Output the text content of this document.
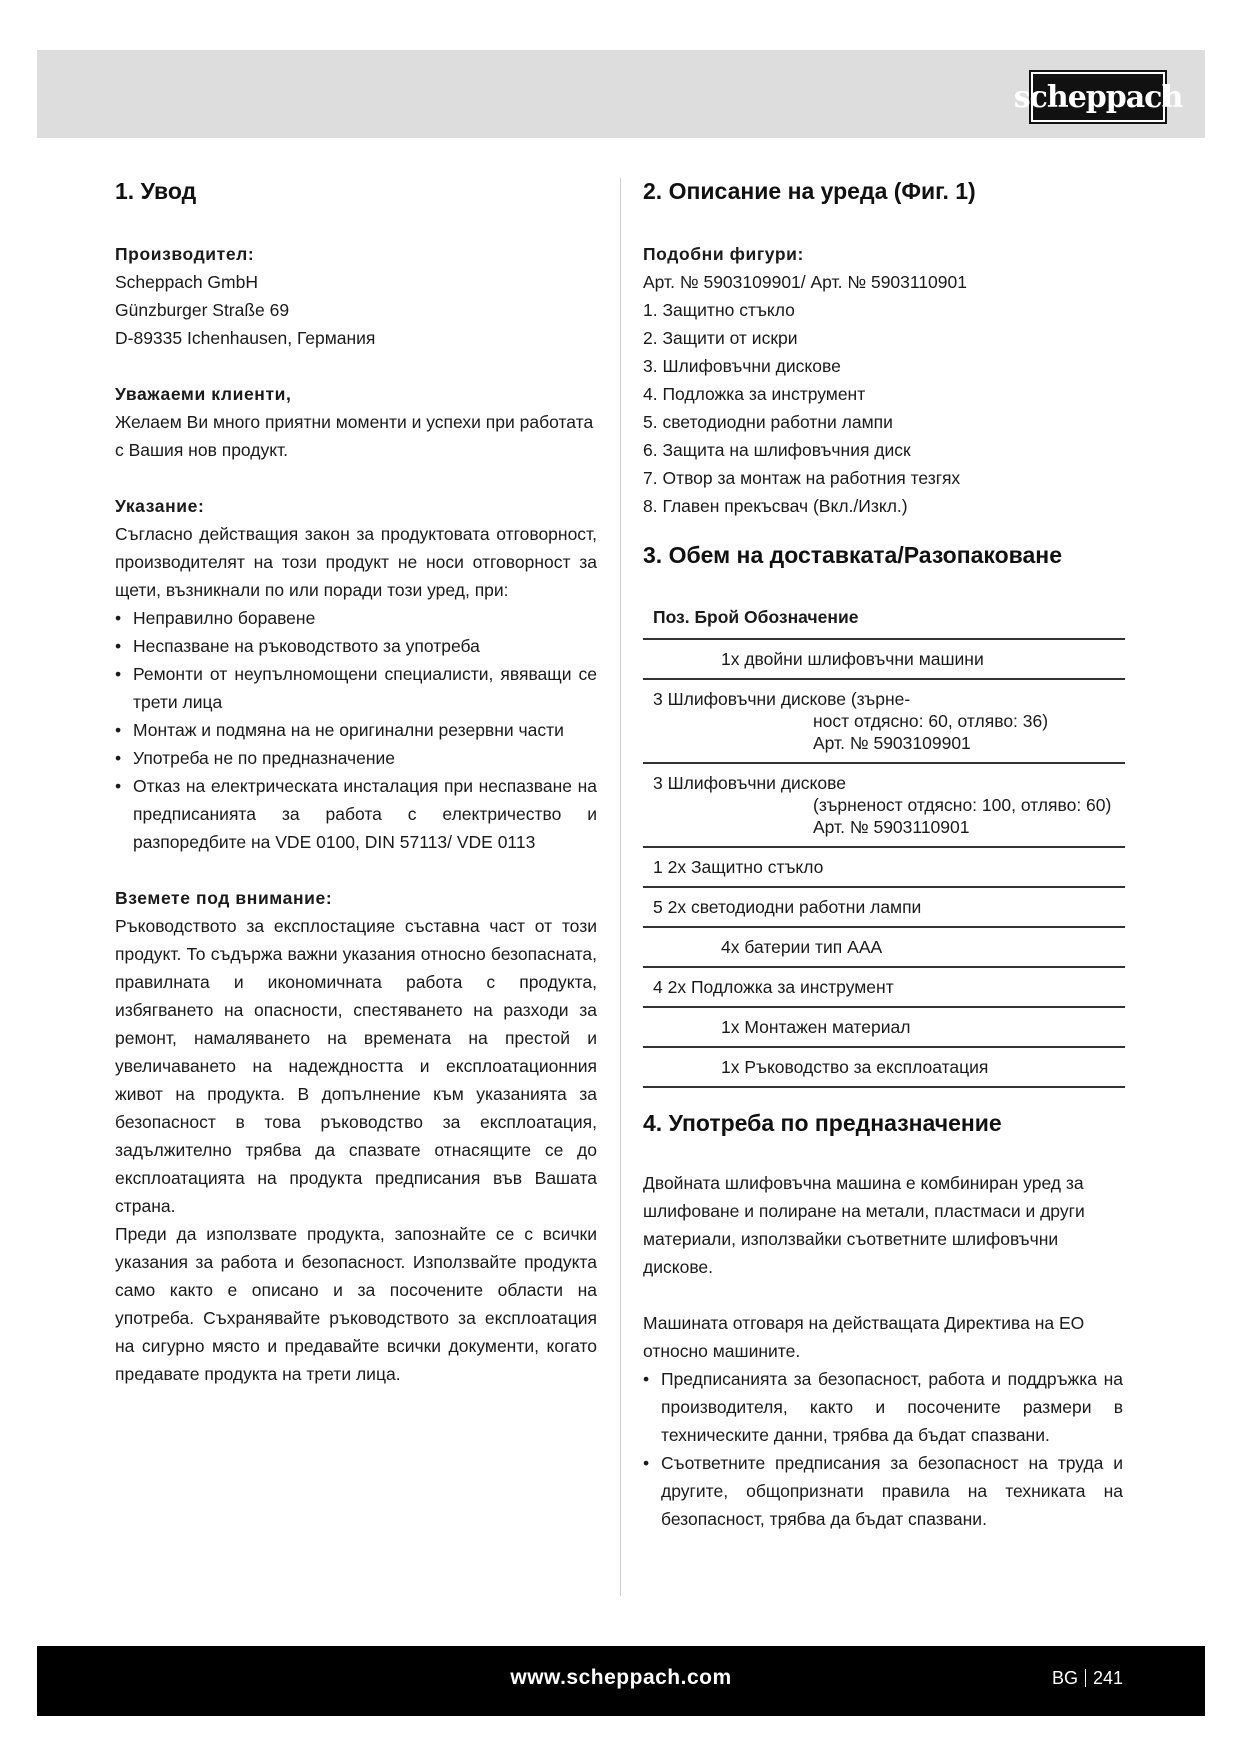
scheppach
1. Увод

Производител:

Scheppach GmbH

Günzburger Straße 69

D-89335 Ichenhausen, Германия

Уважаеми клиенти,

Желаем Ви много приятни моменти и успехи при работата с Вашия нов продукт.

Указание:

Съгласно действащия закон за продуктовата отговорност, производителят на този продукт не носи отговорност за щети, възникнали по или поради този уред, при:

• Неправилно боравене
• Неспазване на ръководството за употреба
• Ремонти от неупълномощени специалисти, явяващи се трети лица
• Монтаж и подмяна на не оригинални резервни части
• Употреба не по предназначение
• Отказ на електрическата инсталация при неспазване на предписанията за работа с електричество и разпоредбите на VDE 0100, DIN 57113/ VDE 0113

Вземете под внимание:

Ръководството за експлостацияе съставна част от този продукт. То съдържа важни указания относно безопасната, правилната и икономичната работа с продукта, избягването на опасности, спестяването на разходи за ремонт, намаляването на временатa на престой и увеличаването на надеждността и експлоатационния живот на продукта. В допълнение към указанията за безопасност в това ръководство за експлоатация, задължително трябва да спазвате отнасящите се до експлоатацията на продукта предписания във Вашата страна.

Преди да използвате продукта, запознайте се с всички указания за работа и безопасност. Използвайте продукта само както е описано и за посочените области на употреба. Съхранявайте ръководството за експлоатация на сигурно място и предавайте всички документи, когато предавате продукта на трети лица.

2. Описание на уреда (Фиг. 1)

Подобни фигури:

Арт. № 5903109901/ Арт. № 5903110901

1. Защитно стъкло
2. Защити от искри
3. Шлифовъчни дискове
4. Подложка за инструмент
5. светодиодни работни лампи
6. Защита на шлифовъчния диск
7. Отвор за монтаж на работния тезгях
8. Главен прекъсвач (Вкл./Изкл.)
3. Обем на доставката/Разопаковане
Поз. Брой Обозначение
1x двойни шлифовъчни машини
3 Шлифовъчни дискове (зърне-
ност отдясно: 60, отляво: 36)
Арт. № 5903109901
3 Шлифовъчни дискове
(зърненост отдясно: 100, отляво: 60)
Арт. № 5903110901
1 2x Защитно стъкло
5 2x светодиодни работни лампи
4x батерии тип AAA
4 2x Подложка за инструмент
1x Монтажен материал
1x Ръководство за експлоатация
4. Употреба по предназначение

Двойната шлифовъчна машина е комбиниран уред за шлифоване и полиране на метали, пластмаси и други материали, използвайки съответните шлифовъчни дискове.

Машината отговаря на действащата Директива на ЕО относно машините.

• Предписанията за безопасност, работа и поддръжка на производителя, както и посочените размери в техническите данни, трябва да бъдат спазвани.
• Съответните предписания за безопасност на труда и другите, общопризнати правила на техниката на безопасност, трябва да бъдат спазвани.
www.scheppach.com	BG 241
